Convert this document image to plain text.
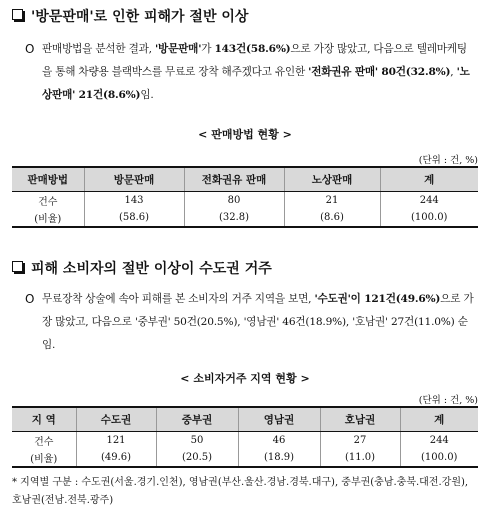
'방문판매'로 인한 피해가 절반 이상
O 판매방법을 분석한 결과, '방문판매'가 143건(58.6%)으로 가장 많았고, 다음으로 텔레마케팅을 통해 차량용 블랙박스를 무료로 장착 해주겠다고 유인한 '전화권유 판매' 80건(32.8%), '노상판매' 21건(8.6%)임.
< 판매방법 현황 >
(단위 : 건, %)
판매방법	방문판매	전화권유 판매	노상판매	계
건수	143	80	21	244
(비율)	(58.6)	(32.8)	(8.6)	(100.0)
피해 소비자의 절반 이상이 수도권 거주
O 무료장착 상술에 속아 피해를 본 소비자의 거주 지역을 보면, '수도권'이 121건(49.6%)으로 가장 많았고, 다음으로 '중부권' 50건(20.5%), '영남권' 46건(18.9%), '호남권' 27건(11.0%) 순임.
< 소비자거주 지역 현황 >
(단위 : 건, %)
지 역	수도권	중부권	영남권	호남권	계
건수	121	50	46	27	244
(비율)	(49.6)	(20.5)	(18.9)	(11.0)	(100.0)
* 지역별 구분 : 수도권(서울.경기.인천), 영남권(부산.울산.경남.경북.대구), 중부권(충남.충북.대전.강원), 호남권(전남.전북.광주)
